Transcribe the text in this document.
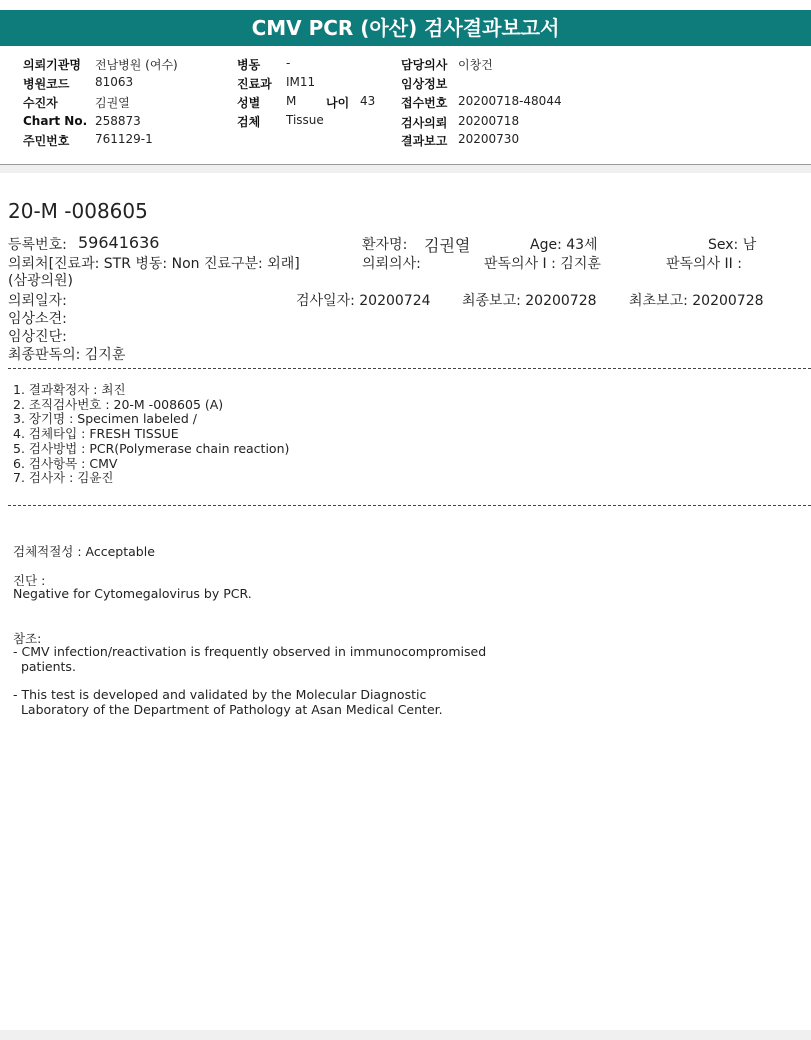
CMV PCR (아산) 검사결과보고서
의뢰기관명 전남병원 (여수)
병원코드 81063
수진자	김권열
Chart No. 258873
주민번호 761129-1
병동 -
진료과 IM11
성별 M 나이 43
검체 Tissue
담당의사 이창건
임상정보
접수번호 20200718-48044
검사의뢰 20200718
결과보고 20200730
20-M -008605
등록번호: 59641636	환자명: 김권열	Age: 43세	Sex: 남
의뢰처[진료과: STR 병동: Non 진료구분: 외래]	의뢰의사:	판독의사 I : 김지훈	판독의사 II :
(삼광의원)
의뢰일자:	검사일자: 20200724 최종보고: 20200728 최초보고: 20200728
임상소견:
임상진단:
최종판독의: 김지훈
1. 결과확정자 : 최진
2. 조직검사번호 : 20-M -008605 (A)
3. 장기명 : Specimen labeled /
4. 검체타입 : FRESH TISSUE
5. 검사방법 : PCR(Polymerase chain reaction)
6. 검사항목 : CMV
7. 검사자 : 김윤진
검체적절성 : Acceptable
진단 :
Negative for Cytomegalovirus by PCR.
참조:
- CMV infection/reactivation is frequently observed in immunocompromised
patients.
- This test is developed and validated by the Molecular Diagnostic
Laboratory of the Department of Pathology at Asan Medical Center.
